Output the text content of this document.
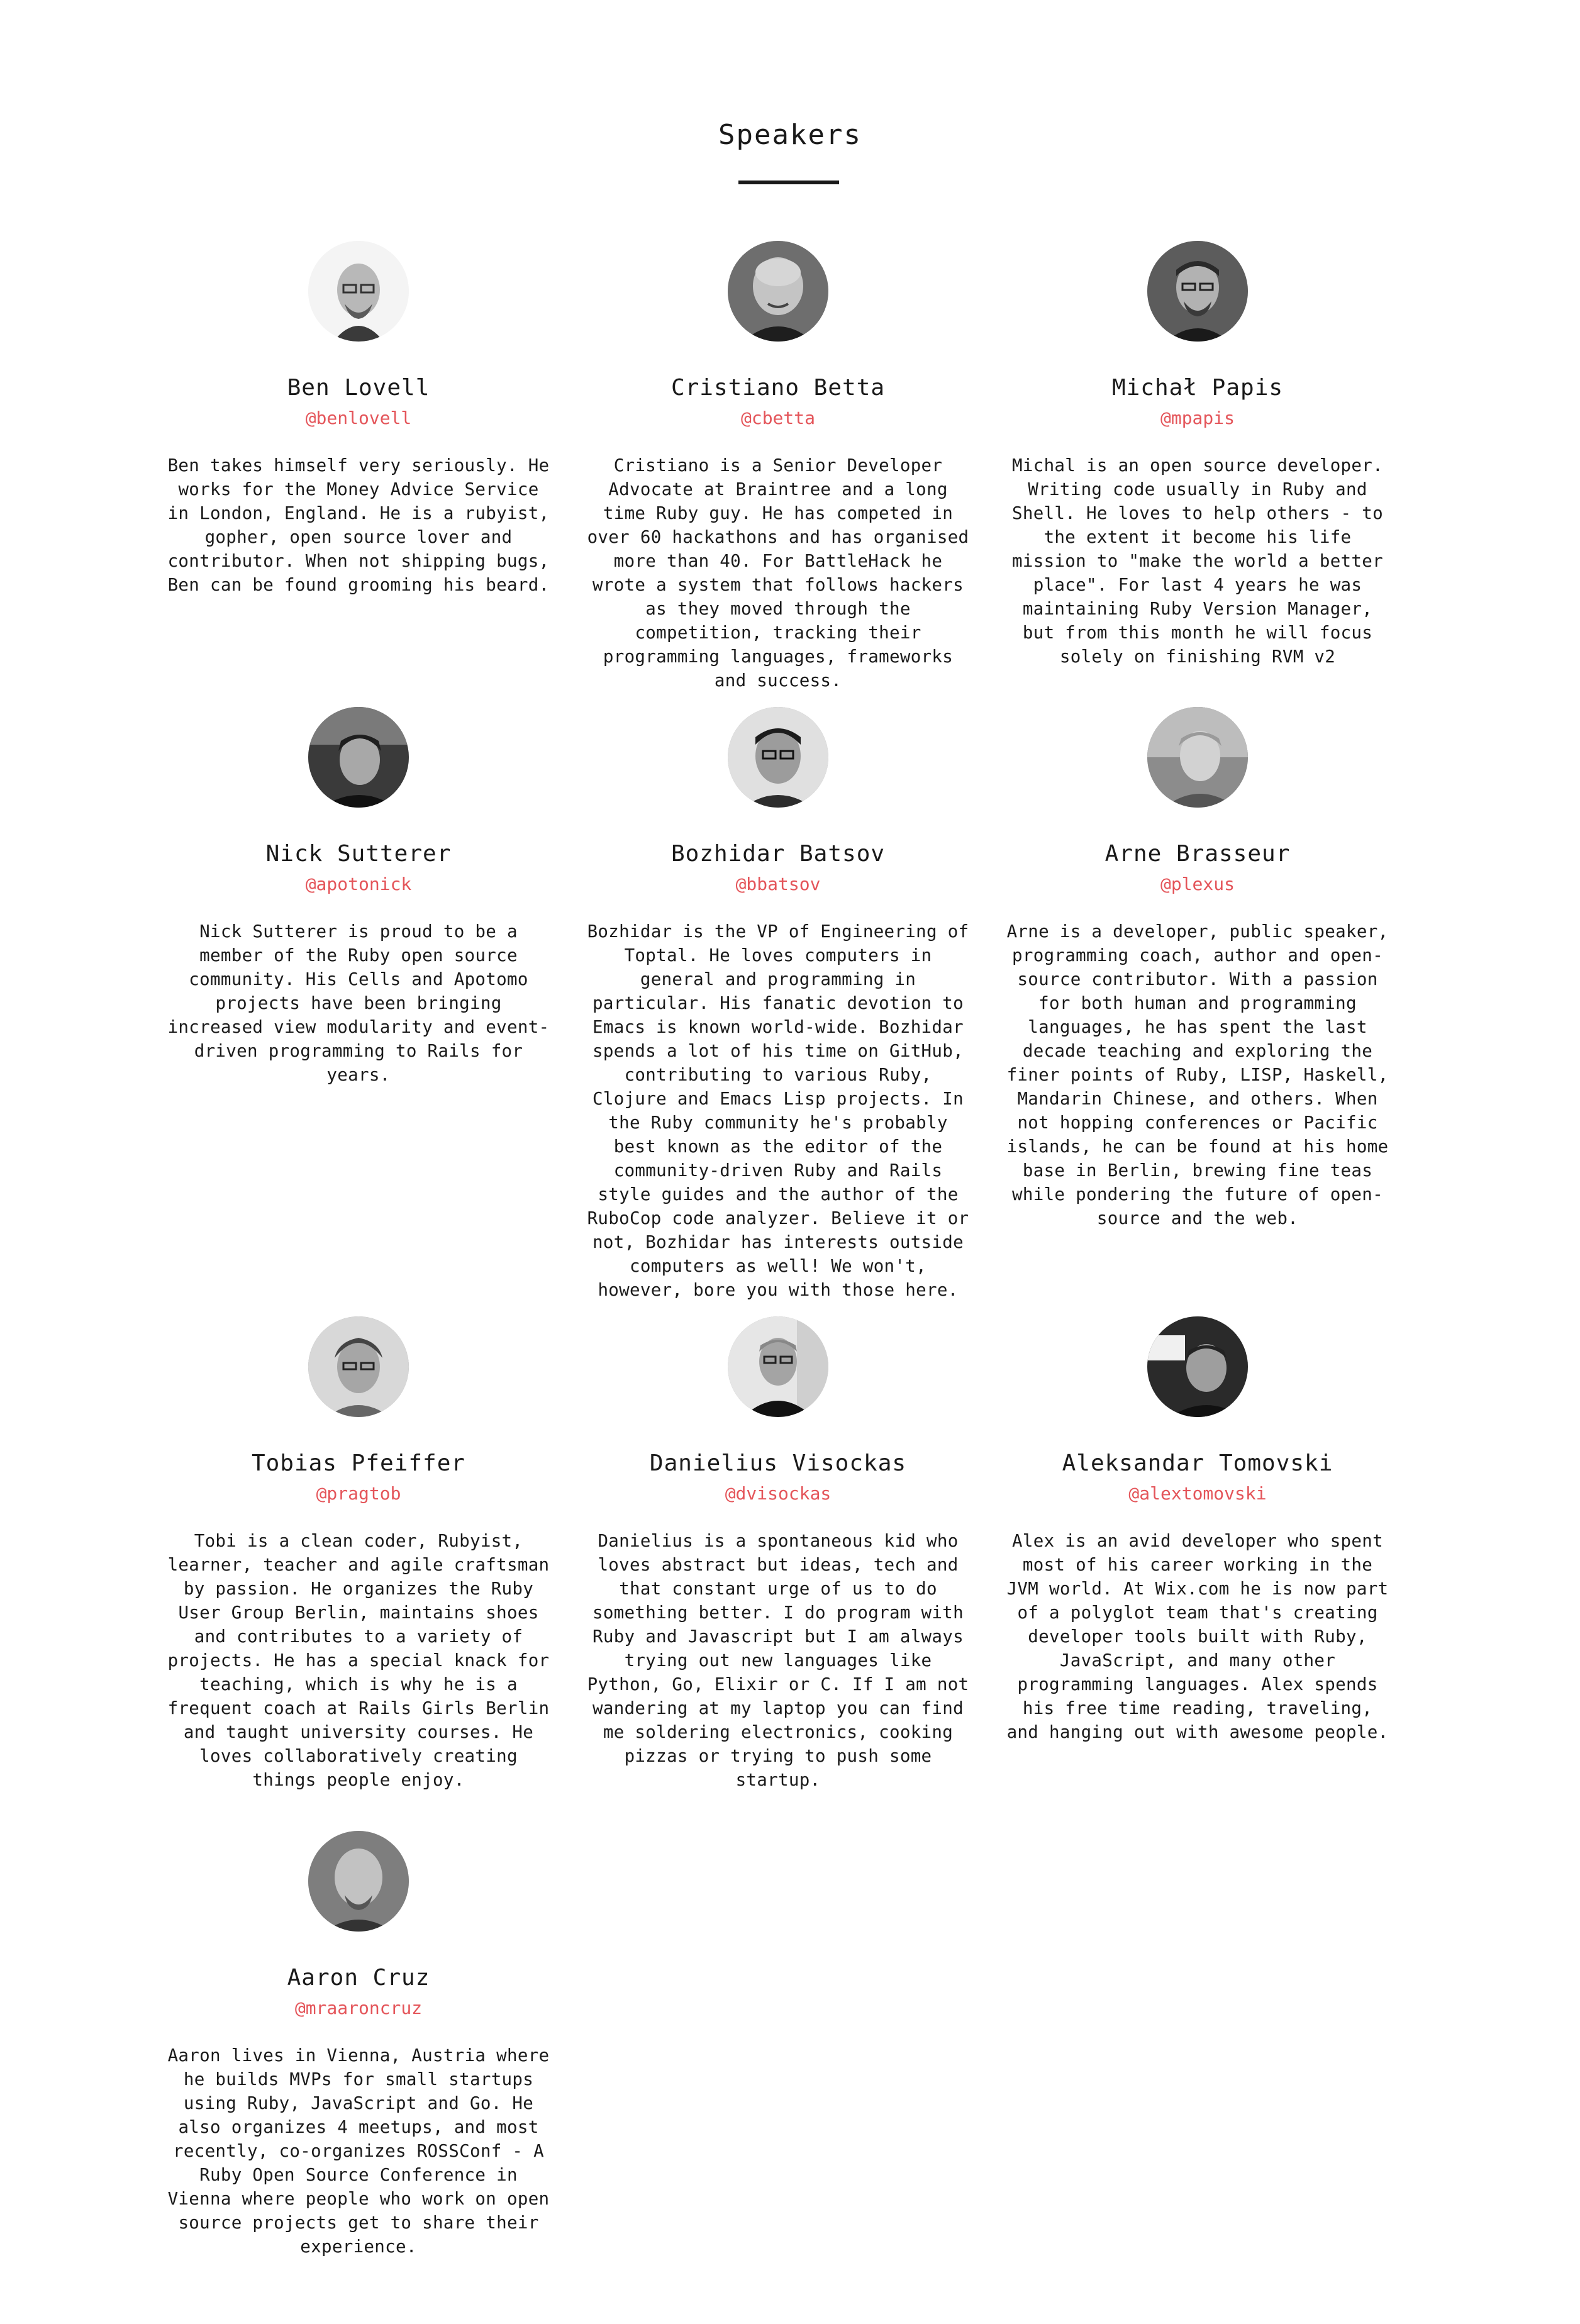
Speakers
Ben Lovell
@benlovell
Ben takes himself very seriously. He works for the Money Advice Service in London, England. He is a rubyist, gopher, open source lover and contributor. When not shipping bugs, Ben can be found grooming his beard.
Cristiano Betta
@cbetta
Cristiano is a Senior Developer Advocate at Braintree and a long time Ruby guy. He has competed in over 60 hackathons and has organised more than 40. For BattleHack he wrote a system that follows hackers as they moved through the competition, tracking their programming languages, frameworks and success.
Michał Papis
@mpapis
Michal is an open source developer. Writing code usually in Ruby and Shell. He loves to help others - to the extent it become his life mission to "make the world a better place". For last 4 years he was maintaining Ruby Version Manager, but from this month he will focus solely on finishing RVM v2
Nick Sutterer
@apotonick
Nick Sutterer is proud to be a member of the Ruby open source community. His Cells and Apotomo projects have been bringing increased view modularity and event-driven programming to Rails for years.
Bozhidar Batsov
@bbatsov
Bozhidar is the VP of Engineering of Toptal. He loves computers in general and programming in particular. His fanatic devotion to Emacs is known world-wide. Bozhidar spends a lot of his time on GitHub, contributing to various Ruby, Clojure and Emacs Lisp projects. In the Ruby community he's probably best known as the editor of the community-driven Ruby and Rails style guides and the author of the RuboCop code analyzer. Believe it or not, Bozhidar has interests outside computers as well! We won't, however, bore you with those here.
Arne Brasseur
@plexus
Arne is a developer, public speaker, programming coach, author and open-source contributor. With a passion for both human and programming languages, he has spent the last decade teaching and exploring the finer points of Ruby, LISP, Haskell, Mandarin Chinese, and others. When not hopping conferences or Pacific islands, he can be found at his home base in Berlin, brewing fine teas while pondering the future of open-source and the web.
Tobias Pfeiffer
@pragtob
Tobi is a clean coder, Rubyist, learner, teacher and agile craftsman by passion. He organizes the Ruby User Group Berlin, maintains shoes and contributes to a variety of projects. He has a special knack for teaching, which is why he is a frequent coach at Rails Girls Berlin and taught university courses. He loves collaboratively creating things people enjoy.
Danielius Visockas
@dvisockas
Danielius is a spontaneous kid who loves abstract but ideas, tech and that constant urge of us to do something better. I do program with Ruby and Javascript but I am always trying out new languages like Python, Go, Elixir or C. If I am not wandering at my laptop you can find me soldering electronics, cooking pizzas or trying to push some startup.
Aleksandar Tomovski
@alextomovski
Alex is an avid developer who spent most of his career working in the JVM world. At Wix.com he is now part of a polyglot team that's creating developer tools built with Ruby, JavaScript, and many other programming languages. Alex spends his free time reading, traveling, and hanging out with awesome people.
Aaron Cruz
@mraaroncruz
Aaron lives in Vienna, Austria where he builds MVPs for small startups using Ruby, JavaScript and Go. He also organizes 4 meetups, and most recently, co-organizes ROSSConf - A Ruby Open Source Conference in Vienna where people who work on open source projects get to share their experience.
